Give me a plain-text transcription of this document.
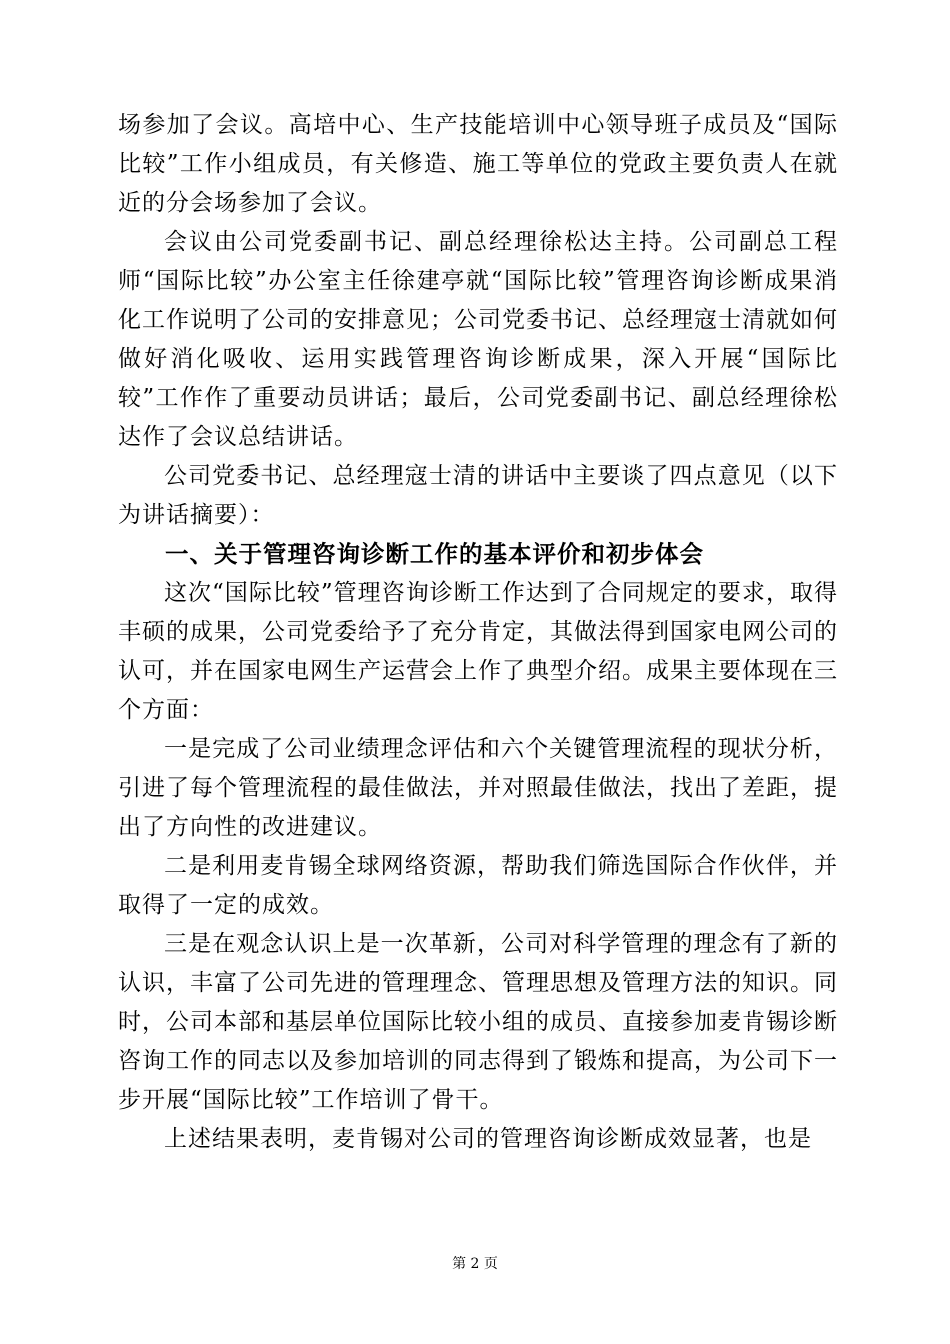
场参加了会议。高培中心、生产技能培训中心领导班子成员及“国际比较”工作小组成员，有关修造、施工等单位的党政主要负责人在就近的分会场参加了会议。

会议由公司党委副书记、副总经理徐松达主持。公司副总工程师“国际比较”办公室主任徐建亭就“国际比较”管理咨询诊断成果消化工作说明了公司的安排意见；公司党委书记、总经理寇士清就如何做好消化吸收、运用实践管理咨询诊断成果，深入开展“国际比较”工作作了重要动员讲话；最后，公司党委副书记、副总经理徐松达作了会议总结讲话。

公司党委书记、总经理寇士清的讲话中主要谈了四点意见（以下为讲话摘要）：

一、关于管理咨询诊断工作的基本评价和初步体会

这次“国际比较”管理咨询诊断工作达到了合同规定的要求，取得丰硕的成果，公司党委给予了充分肯定，其做法得到国家电网公司的认可，并在国家电网生产运营会上作了典型介绍。成果主要体现在三个方面：

一是完成了公司业绩理念评估和六个关键管理流程的现状分析，引进了每个管理流程的最佳做法，并对照最佳做法，找出了差距，提出了方向性的改进建议。

二是利用麦肯锡全球网络资源，帮助我们筛选国际合作伙伴，并取得了一定的成效。

三是在观念认识上是一次革新，公司对科学管理的理念有了新的认识，丰富了公司先进的管理理念、管理思想及管理方法的知识。同时，公司本部和基层单位国际比较小组的成员、直接参加麦肯锡诊断咨询工作的同志以及参加培训的同志得到了锻炼和提高，为公司下一步开展“国际比较”工作培训了骨干。

上述结果表明，麦肯锡对公司的管理咨询诊断成效显著，也是

第 2 页
